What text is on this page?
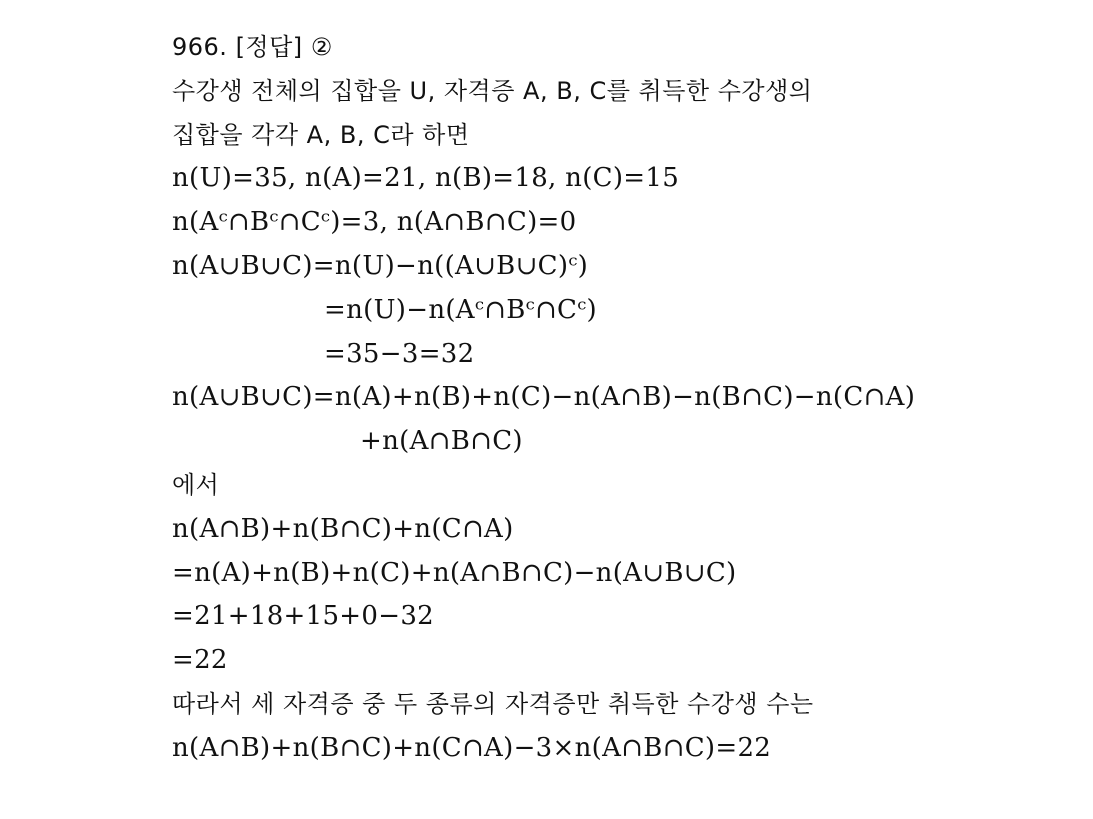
966. [정답] ②
수강생 전체의 집합을 U, 자격증 A, B, C를 취득한 수강생의
집합을 각각 A, B, C라 하면
n(U)=35, n(A)=21, n(B)=18, n(C)=15
n(Aᶜ∩Bᶜ∩Cᶜ)=3, n(A∩B∩C)=0
n(A∪B∪C)=n(U)−n((A∪B∪C)ᶜ)
=n(U)−n(Aᶜ∩Bᶜ∩Cᶜ)
=35−3=32
n(A∪B∪C)=n(A)+n(B)+n(C)−n(A∩B)−n(B∩C)−n(C∩A)
+n(A∩B∩C)
에서
n(A∩B)+n(B∩C)+n(C∩A)
=n(A)+n(B)+n(C)+n(A∩B∩C)−n(A∪B∪C)
=21+18+15+0−32
=22
따라서 세 자격증 중 두 종류의 자격증만 취득한 수강생 수는
n(A∩B)+n(B∩C)+n(C∩A)−3×n(A∩B∩C)=22
